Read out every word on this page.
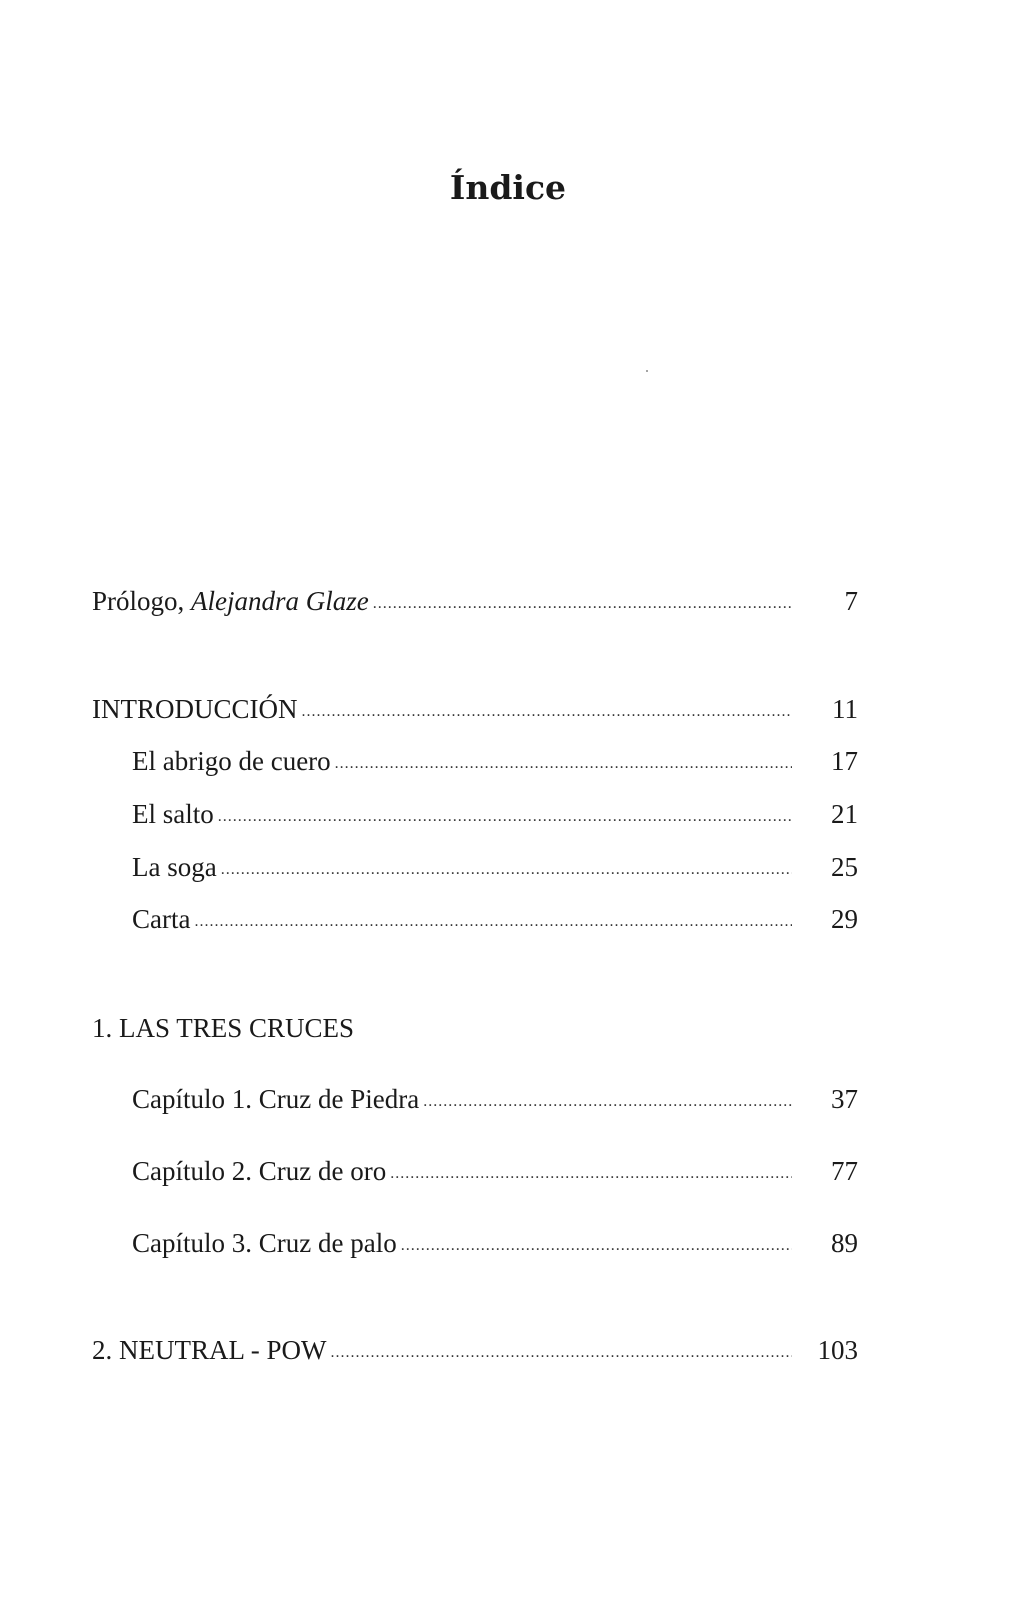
Índice
Prólogo, Alejandra Glaze .....	7
INTRODUCCIÓN .....	11
El abrigo de cuero .....	17
El salto .....	21
La soga .....	25
Carta .....	29
1. LAS TRES CRUCES
Capítulo 1. Cruz de Piedra .....	37
Capítulo 2. Cruz de oro .....	77
Capítulo 3. Cruz de palo .....	89
2. NEUTRAL - POW .....	103
